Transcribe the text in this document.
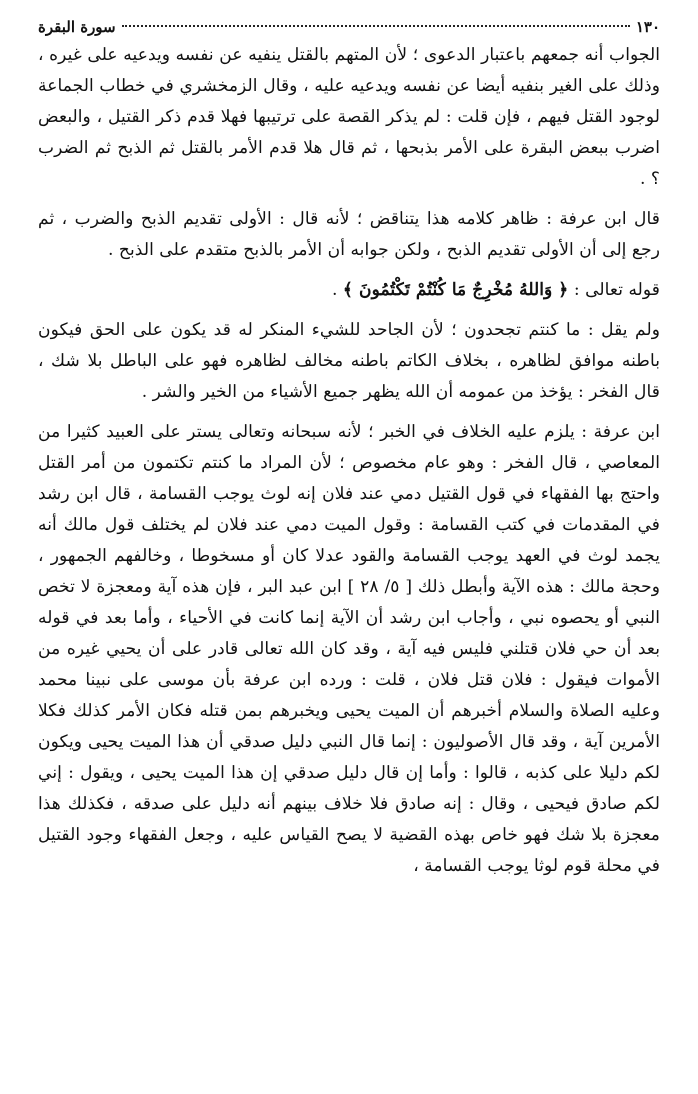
١٣٠
سورة البقرة

الجواب أنه جمعهم باعتبار الدعوى ؛ لأن المتهم بالقتل ينفيه عن نفسه ويدعيه على غيره ، وذلك على الغير بنفيه أيضا عن نفسه ويدعيه عليه ، وقال الزمخشري في خطاب الجماعة لوجود القتل فيهم ، فإن قلت : لم يذكر القصة على ترتيبها فهلا قدم ذكر القتيل ، والبعض اضرب ببعض البقرة على الأمر بذبحها ، ثم قال هلا قدم الأمر بالقتل ثم الذبح ثم الضرب ؟ .

قال ابن عرفة : ظاهر كلامه هذا يتناقض ؛ لأنه قال : الأولى تقديم الذبح والضرب ، ثم رجع إلى أن الأولى تقديم الذبح ، ولكن جوابه أن الأمر بالذبح متقدم على الذبح .

قوله تعالى : ﴿ وَاللهُ مُخْرِجٌ مَا كُنْتُمْ تَكْتُمُونَ ﴾ .

ولم يقل : ما كنتم تجحدون ؛ لأن الجاحد للشيء المنكر له قد يكون على الحق فيكون باطنه موافق لظاهره ، بخلاف الكاتم باطنه مخالف لظاهره فهو على الباطل بلا شك ، قال الفخر : يؤخذ من عمومه أن الله يظهر جميع الأشياء من الخير والشر .

ابن عرفة : يلزم عليه الخلاف في الخبر ؛ لأنه سبحانه وتعالى يستر على العبيد كثيرا من المعاصي ، قال الفخر : وهو عام مخصوص ؛ لأن المراد ما كنتم تكتمون من أمر القتل واحتج بها الفقهاء في قول القتيل دمي عند فلان إنه لوث يوجب القسامة ، قال ابن رشد في المقدمات في كتب القسامة : وقول الميت دمي عند فلان لم يختلف قول مالك أنه يجمد لوث في العهد يوجب القسامة والقود عدلا كان أو مسخوطا ، وخالفهم الجمهور ، وحجة مالك : هذه الآية وأبطل ذلك [ ٥/ ٢٨ ] ابن عبد البر ، فإن هذه آية ومعجزة لا تخص النبي أو يحصوه نبي ، وأجاب ابن رشد أن الآية إنما كانت في الأحياء ، وأما بعد في قوله بعد أن حي فلان قتلني فليس فيه آية ، وقد كان الله تعالى قادر على أن يحيي غيره من الأموات فيقول : فلان قتل فلان ، قلت : ورده ابن عرفة بأن موسى على نبينا محمد وعليه الصلاة والسلام أخبرهم أن الميت يحيى ويخبرهم بمن قتله فكان الأمر كذلك فكلا الأمرين آية ، وقد قال الأصوليون : إنما قال النبي دليل صدقي أن هذا الميت يحيى ويكون لكم دليلا على كذبه ، قالوا : وأما إن قال دليل صدقي إن هذا الميت يحيى ، ويقول : إني لكم صادق فيحيى ، وقال : إنه صادق فلا خلاف بينهم أنه دليل على صدقه ، فكذلك هذا معجزة بلا شك فهو خاص بهذه القضية لا يصح القياس عليه ، وجعل الفقهاء وجود القتيل في محلة قوم لوثا يوجب القسامة ،
